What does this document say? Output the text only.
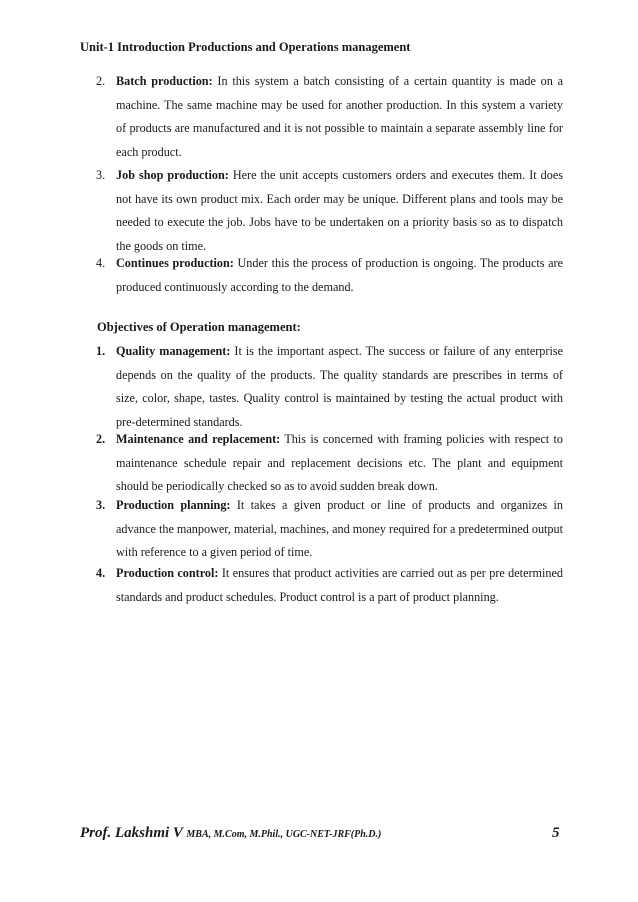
Unit-1 Introduction Productions and Operations management
2. Batch production: In this system a batch consisting of a certain quantity is made on a machine. The same machine may be used for another production. In this system a variety of products are manufactured and it is not possible to maintain a separate assembly line for each product.
3. Job shop production: Here the unit accepts customers orders and executes them. It does not have its own product mix. Each order may be unique. Different plans and tools may be needed to execute the job. Jobs have to be undertaken on a priority basis so as to dispatch the goods on time.
4. Continues production: Under this the process of production is ongoing. The products are produced continuously according to the demand.
Objectives of Operation management:
1. Quality management: It is the important aspect. The success or failure of any enterprise depends on the quality of the products. The quality standards are prescribes in terms of size, color, shape, tastes. Quality control is maintained by testing the actual product with pre-determined standards.
2. Maintenance and replacement: This is concerned with framing policies with respect to maintenance schedule repair and replacement decisions etc. The plant and equipment should be periodically checked so as to avoid sudden break down.
3. Production planning: It takes a given product or line of products and organizes in advance the manpower, material, machines, and money required for a predetermined output with reference to a given period of time.
4. Production control: It ensures that product activities are carried out as per pre determined standards and product schedules. Product control is a part of product planning.
Prof. Lakshmi V MBA, M.Com, M.Phil., UGC-NET-JRF(Ph.D.)	5
